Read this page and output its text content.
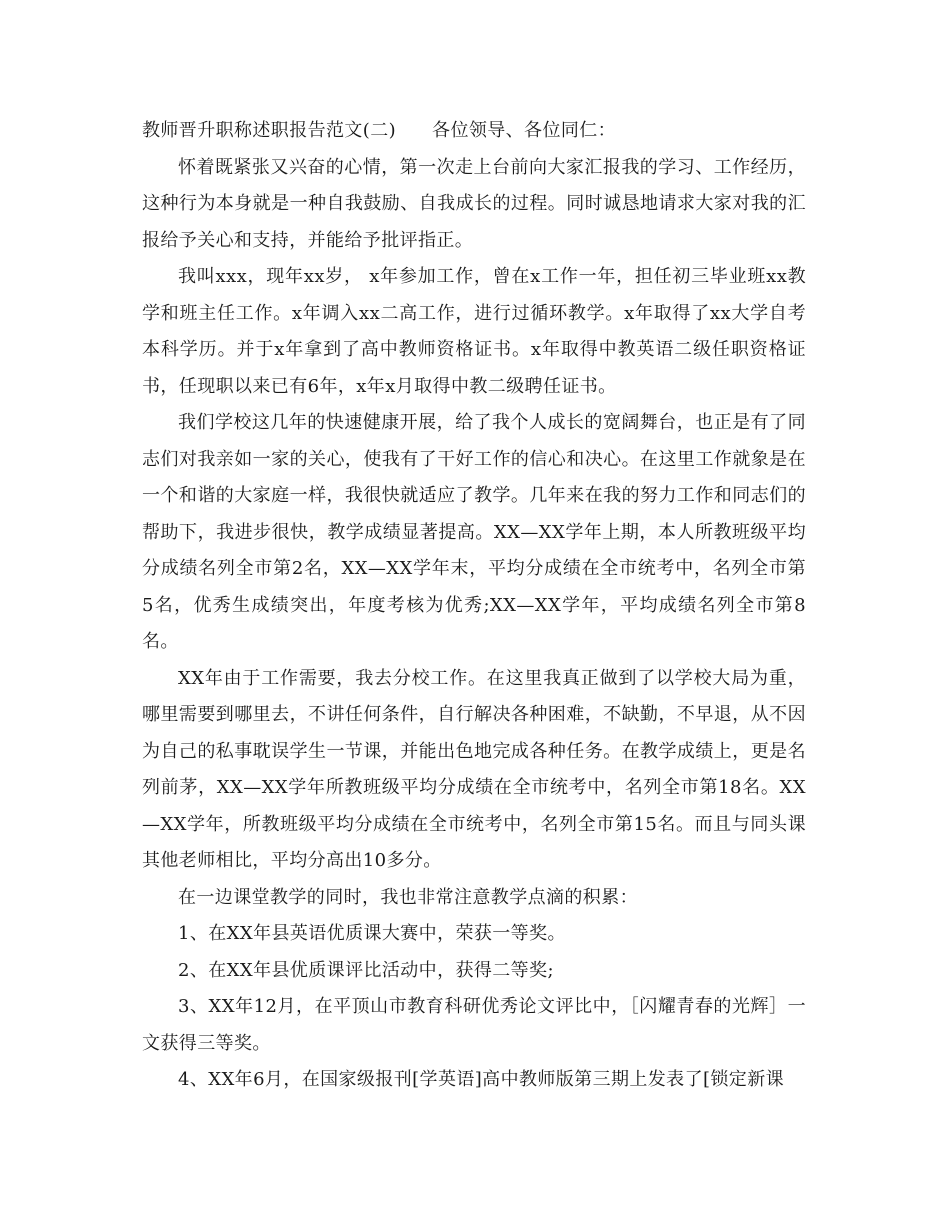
教师晋升职称述职报告范文(二) 各位领导、各位同仁：

怀着既紧张又兴奋的心情，第一次走上台前向大家汇报我的学习、工作经历，这种行为本身就是一种自我鼓励、自我成长的过程。同时诚恳地请求大家对我的汇报给予关心和支持，并能给予批评指正。

我叫xxx，现年xx岁， x年参加工作，曾在x工作一年，担任初三毕业班xx教学和班主任工作。x年调入xx二高工作，进行过循环教学。x年取得了xx大学自考本科学历。并于x年拿到了高中教师资格证书。x年取得中教英语二级任职资格证书，任现职以来已有6年，x年x月取得中教二级聘任证书。

我们学校这几年的快速健康开展，给了我个人成长的宽阔舞台，也正是有了同志们对我亲如一家的关心，使我有了干好工作的信心和决心。在这里工作就象是在一个和谐的大家庭一样，我很快就适应了教学。几年来在我的努力工作和同志们的帮助下，我进步很快，教学成绩显著提高。XX—XX学年上期，本人所教班级平均分成绩名列全市第2名，XX—XX学年末，平均分成绩在全市统考中，名列全市第5名，优秀生成绩突出，年度考核为优秀;XX—XX学年，平均成绩名列全市第8名。

XX年由于工作需要，我去分校工作。在这里我真正做到了以学校大局为重，哪里需要到哪里去，不讲任何条件，自行解决各种困难，不缺勤，不早退，从不因为自己的私事耽误学生一节课，并能出色地完成各种任务。在教学成绩上，更是名列前茅，XX—XX学年所教班级平均分成绩在全市统考中，名列全市第18名。XX—XX学年，所教班级平均分成绩在全市统考中，名列全市第15名。而且与同头课其他老师相比，平均分高出10多分。

在一边课堂教学的同时，我也非常注意教学点滴的积累：

1、在XX年县英语优质课大赛中，荣获一等奖。

2、在XX年县优质课评比活动中，获得二等奖;

3、XX年12月，在平顶山市教育科研优秀论文评比中，［闪耀青春的光辉］一文获得三等奖。

4、XX年6月，在国家级报刊[学英语]高中教师版第三期上发表了[锁定新课
